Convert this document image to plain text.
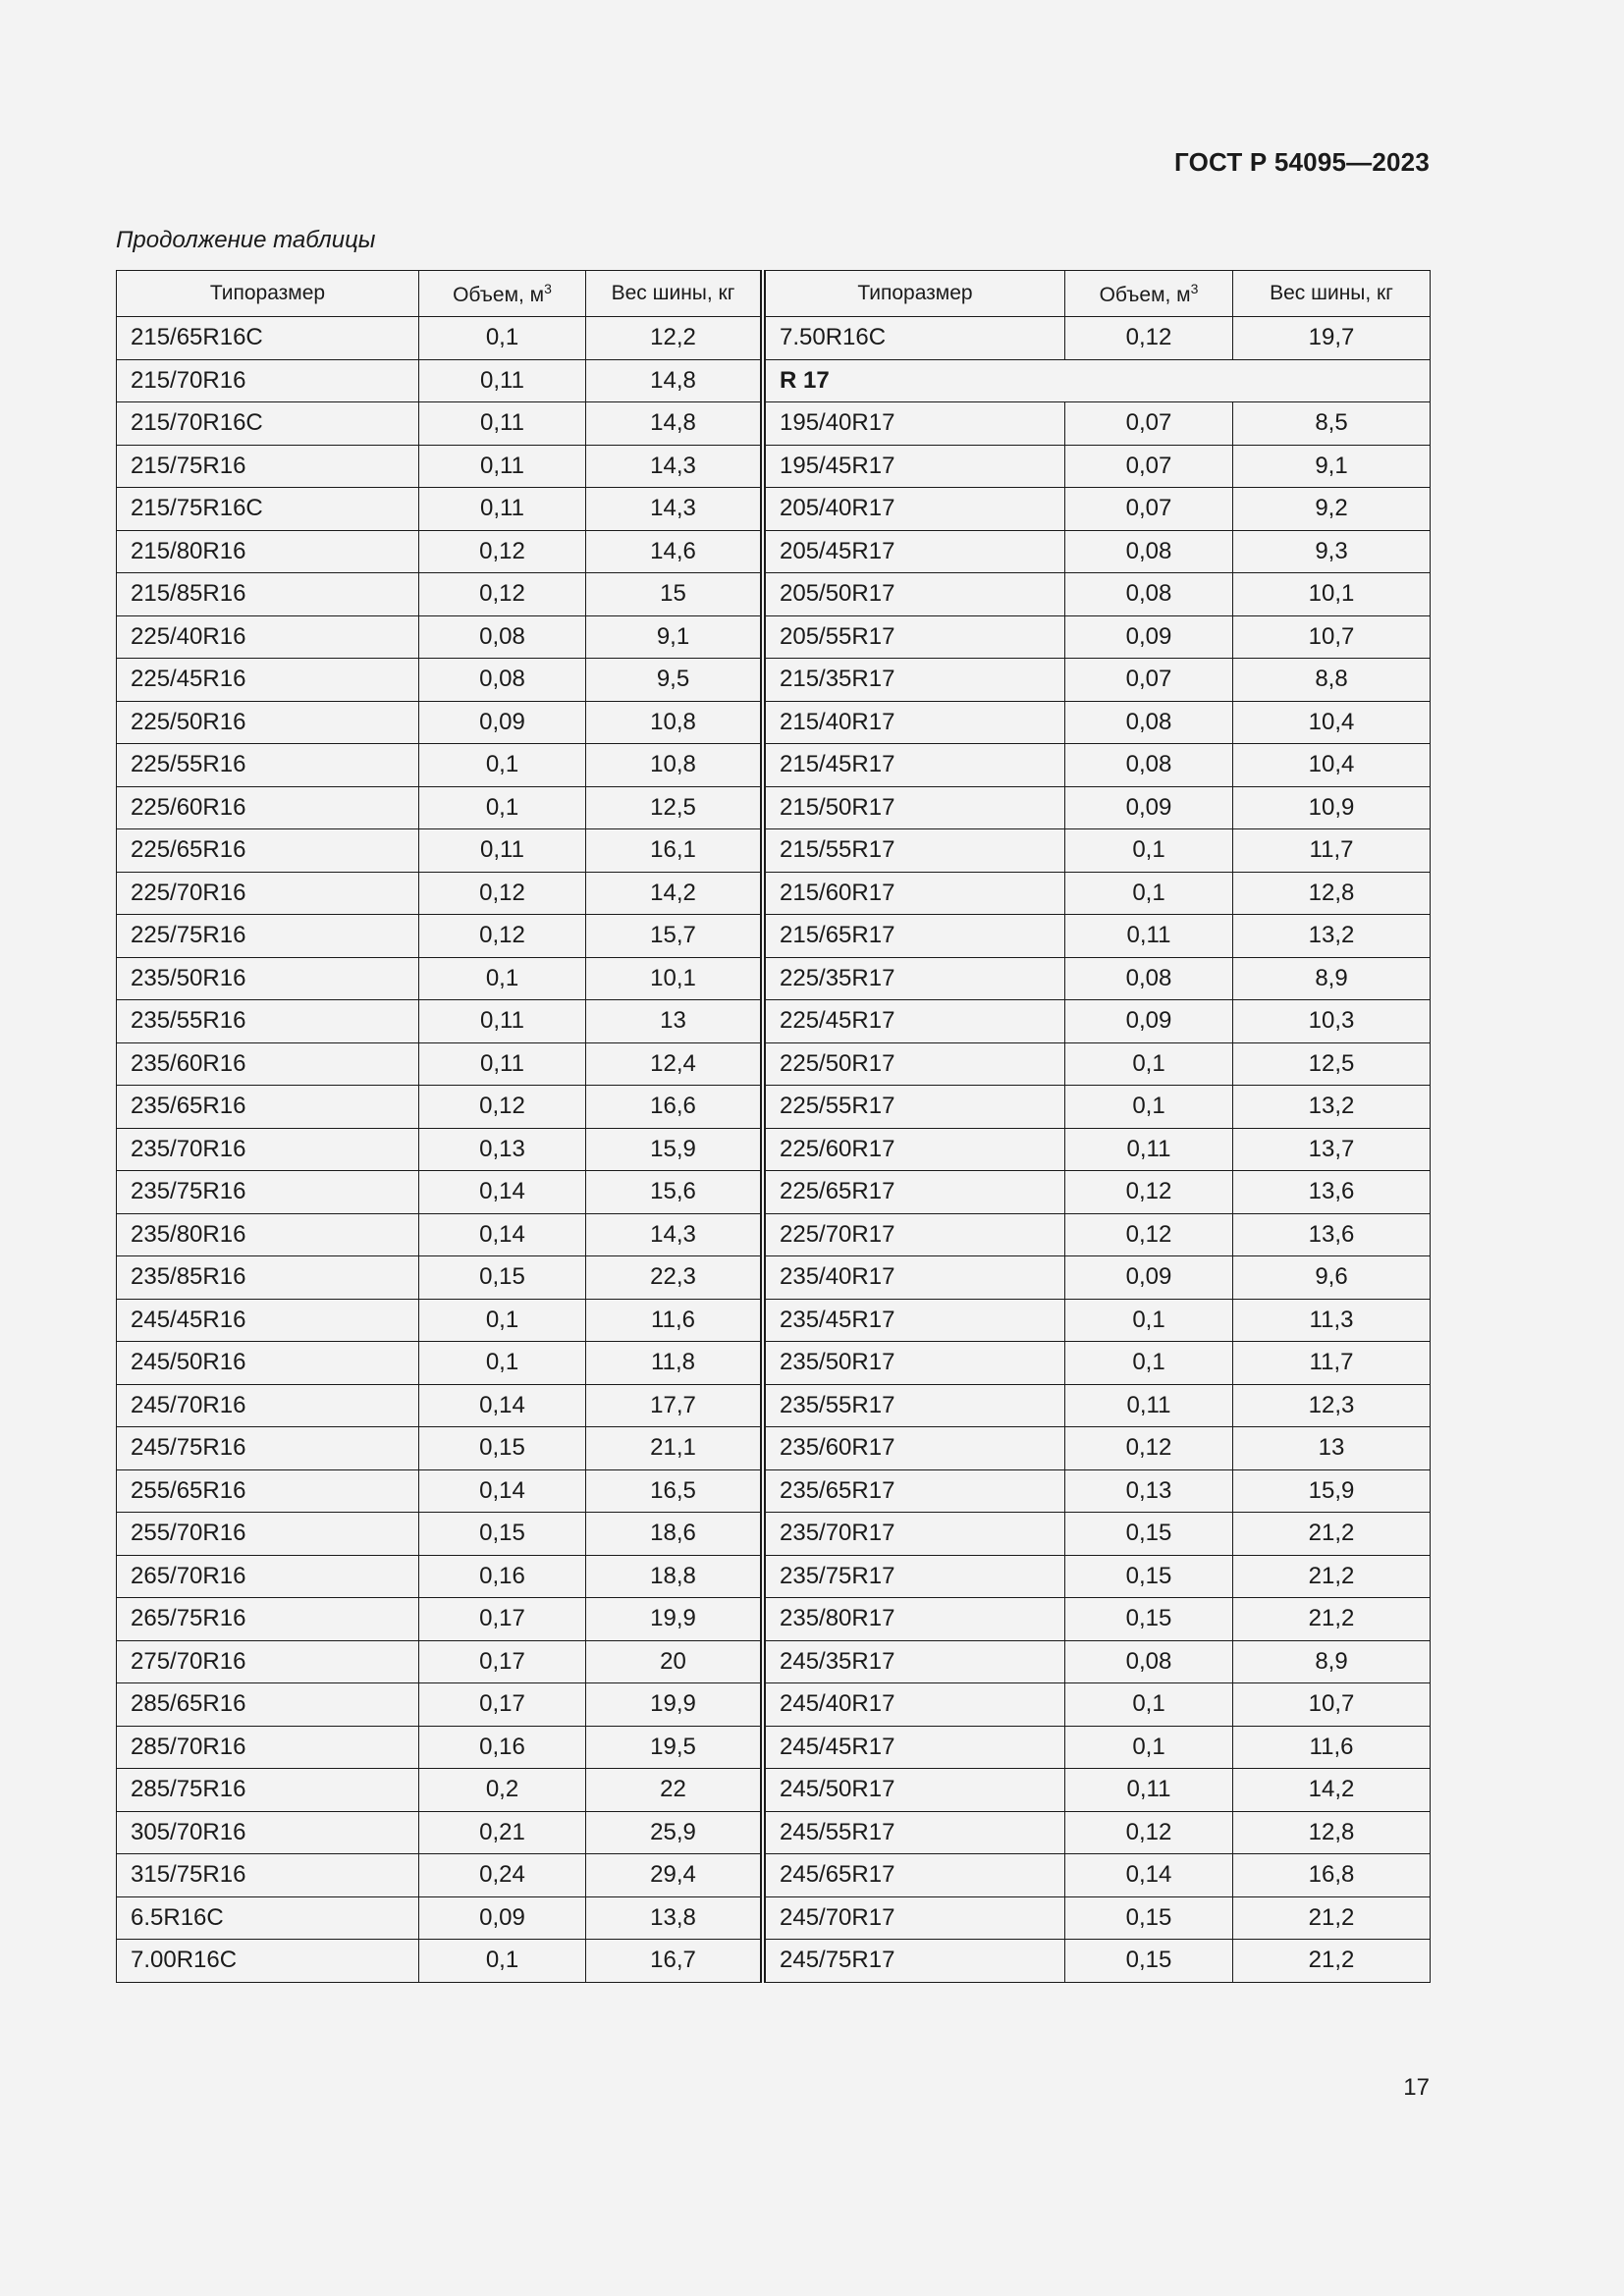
ГОСТ Р 54095—2023
Продолжение таблицы
Типоразмер	Объем, $м^3$	Вес шины, кг
215/65R16C	0,1	12,2
215/70R16	0,11	14,8
215/70R16C	0,11	14,8
215/75R16	0,11	14,3
215/75R16C	0,11	14,3
215/80R16	0,12	14,6
215/85R16	0,12	15
225/40R16	0,08	9,1
225/45R16	0,08	9,5
225/50R16	0,09	10,8
225/55R16	0,1	10,8
225/60R16	0,1	12,5
225/65R16	0,11	16,1
225/70R16	0,12	14,2
225/75R16	0,12	15,7
235/50R16	0,1	10,1
235/55R16	0,11	13
235/60R16	0,11	12,4
235/65R16	0,12	16,6
235/70R16	0,13	15,9
235/75R16	0,14	15,6
235/80R16	0,14	14,3
235/85R16	0,15	22,3
245/45R16	0,1	11,6
245/50R16	0,1	11,8
245/70R16	0,14	17,7
245/75R16	0,15	21,1
255/65R16	0,14	16,5
255/70R16	0,15	18,6
265/70R16	0,16	18,8
265/75R16	0,17	19,9
275/70R16	0,17	20
285/65R16	0,17	19,9
285/70R16	0,16	19,5
285/75R16	0,2	22
305/70R16	0,21	25,9
315/75R16	0,24	29,4
6.5R16C	0,09	13,8
7.00R16C	0,1	16,7
Типоразмер	Объем, $м^3$	Вес шины, кг
7.50R16C	0,12	19,7
R 17		
195/40R17	0,07	8,5
195/45R17	0,07	9,1
205/40R17	0,07	9,2
205/45R17	0,08	9,3
205/50R17	0,08	10,1
205/55R17	0,09	10,7
215/35R17	0,07	8,8
215/40R17	0,08	10,4
215/45R17	0,08	10,4
215/50R17	0,09	10,9
215/55R17	0,1	11,7
215/60R17	0,1	12,8
215/65R17	0,11	13,2
225/35R17	0,08	8,9
225/45R17	0,09	10,3
225/50R17	0,1	12,5
225/55R17	0,1	13,2
225/60R17	0,11	13,7
225/65R17	0,12	13,6
225/70R17	0,12	13,6
235/40R17	0,09	9,6
235/45R17	0,1	11,3
235/50R17	0,1	11,7
235/55R17	0,11	12,3
235/60R17	0,12	13
235/65R17	0,13	15,9
235/70R17	0,15	21,2
235/75R17	0,15	21,2
235/80R17	0,15	21,2
245/35R17	0,08	8,9
245/40R17	0,1	10,7
245/45R17	0,1	11,6
245/50R17	0,11	14,2
245/55R17	0,12	12,8
245/65R17	0,14	16,8
245/70R17	0,15	21,2
245/75R17	0,15	21,2
17
